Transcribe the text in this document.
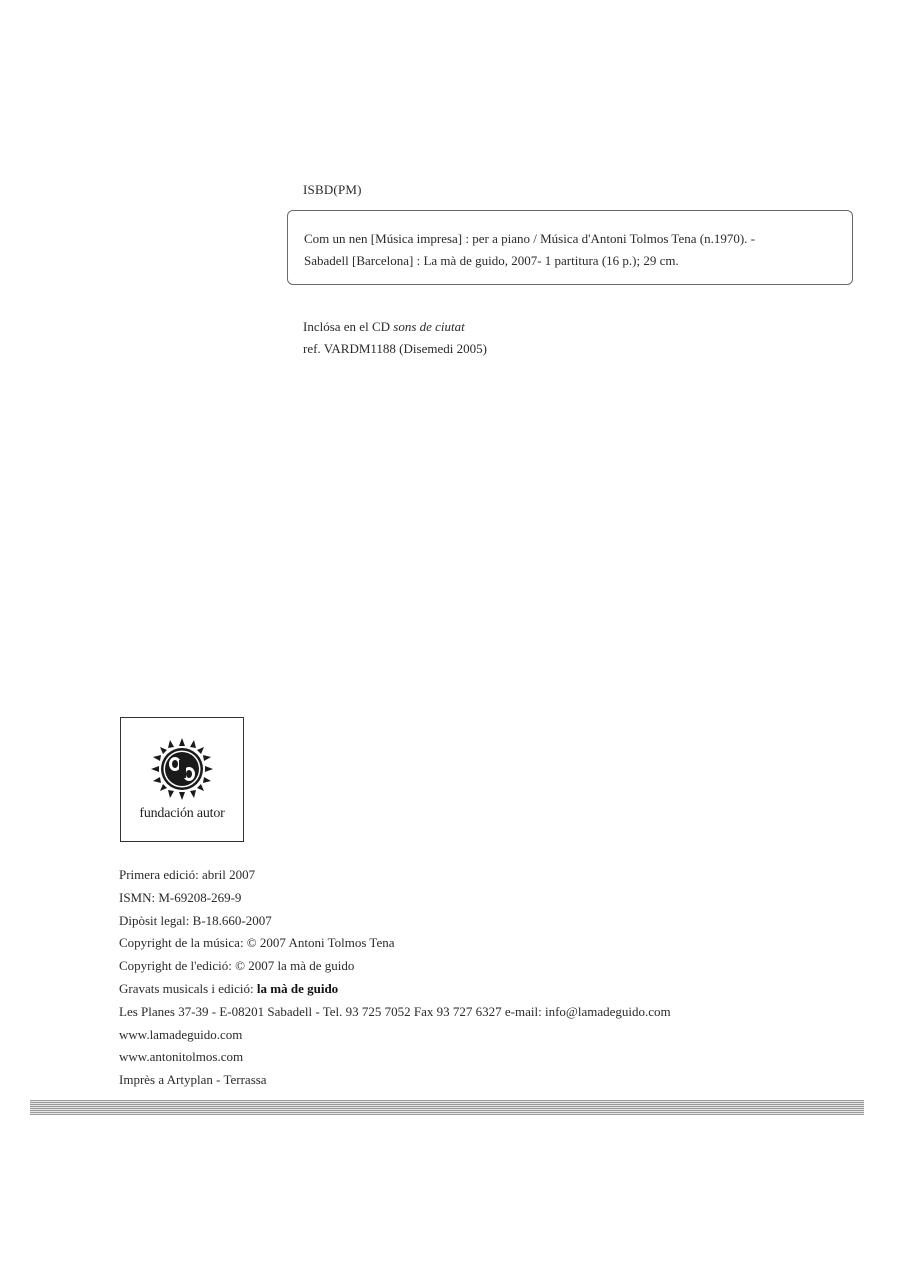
ISBD(PM)
Com un nen [Música impresa] : per a piano / Música d'Antoni Tolmos Tena (n.1970). -
Sabadell [Barcelona] : La mà de guido, 2007- 1 partitura (16 p.); 29 cm.
Inclósa en el CD sons de ciutat
ref. VARDM1188 (Disemedi 2005)
fundación autor
Primera edició: abril 2007
ISMN: M-69208-269-9
Dipòsit legal: B-18.660-2007
Copyright de la música: © 2007 Antoni Tolmos Tena
Copyright de l'edició: © 2007 la mà de guido
Gravats musicals i edició: la mà de guido
Les Planes 37-39 - E-08201 Sabadell - Tel. 93 725 7052 Fax 93 727 6327 e-mail: info@lamadeguido.com
www.lamadeguido.com
www.antonitolmos.com
Imprès a Artyplan - Terrassa
